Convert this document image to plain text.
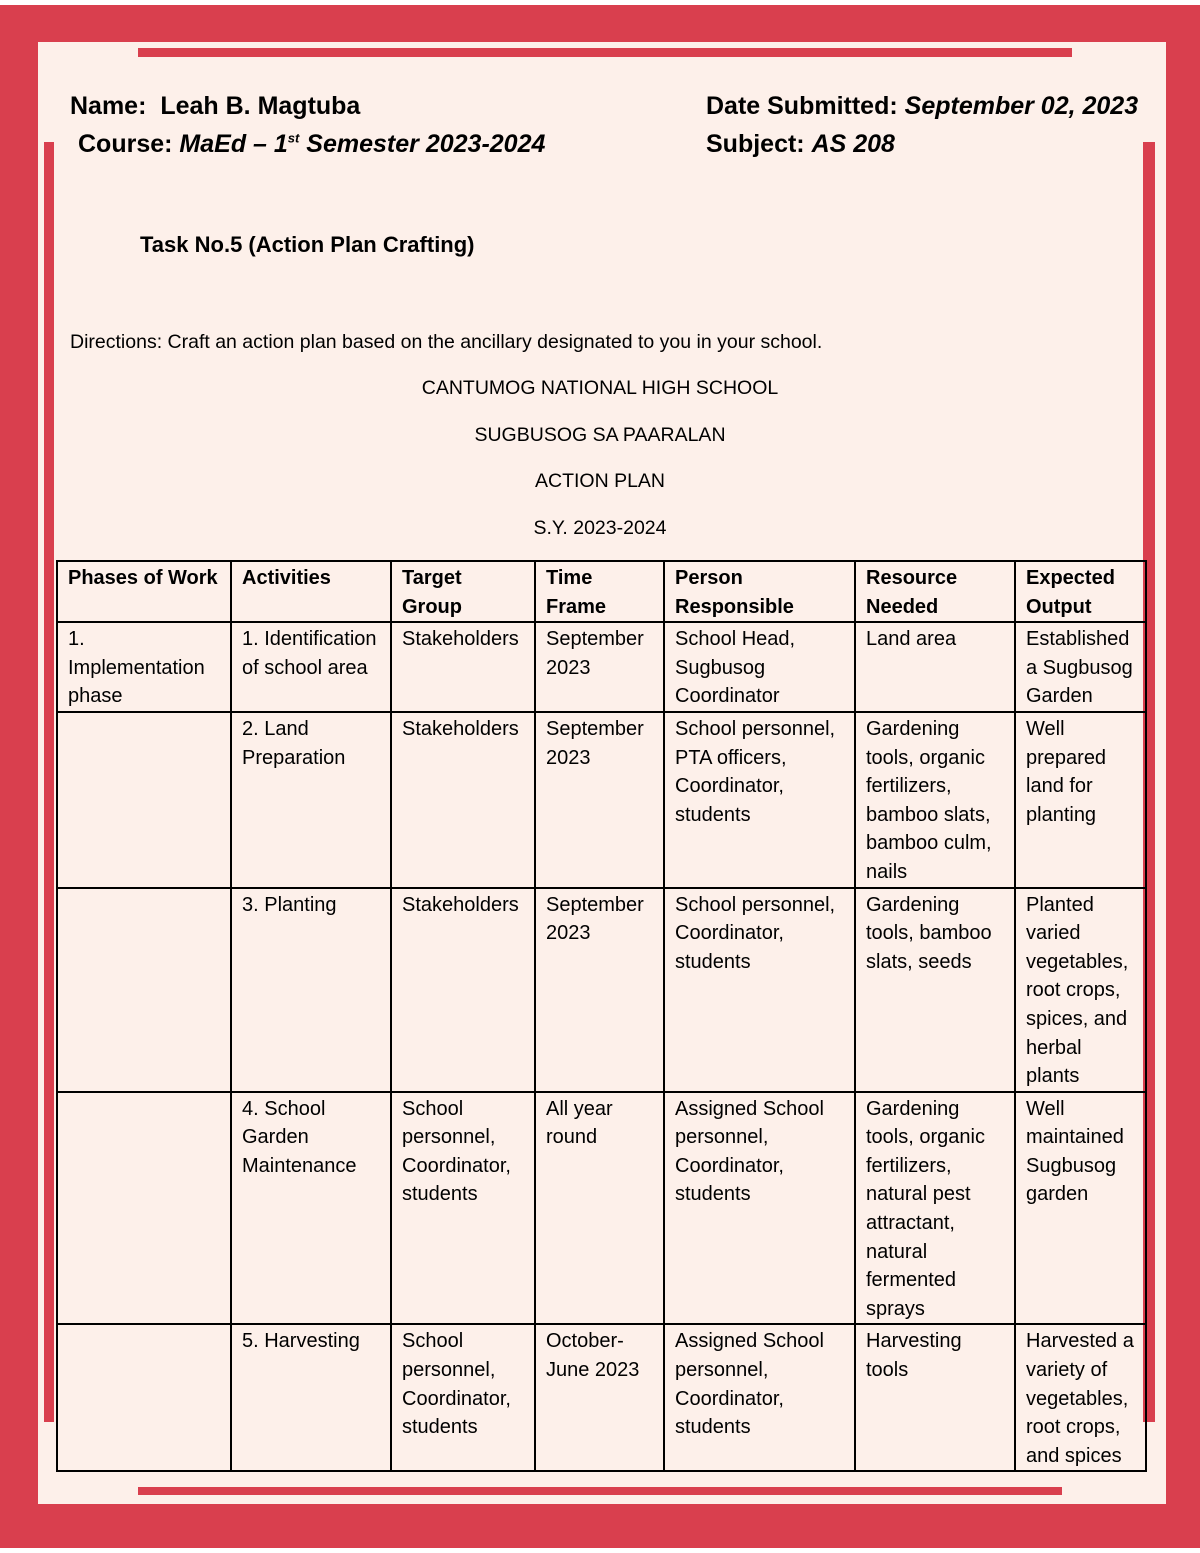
Name: Leah B. Magtuba
Course: MaEd – 1st Semester 2023-2024
Date Submitted: September 02, 2023
Subject: AS 208
Task No.5 (Action Plan Crafting)
Directions: Craft an action plan based on the ancillary designated to you in your school.
CANTUMOG NATIONAL HIGH SCHOOL
SUGBUSOG SA PAARALAN
ACTION PLAN
S.Y. 2023-2024
Phases of Work	Activities	Target Group	Time Frame	Person Responsible	Resource Needed	Expected Output
1. Implementation phase	1. Identification of school area	Stakeholders	September 2023	School Head, Sugbusog Coordinator	Land area	Established a Sugbusog Garden
	2. Land Preparation	Stakeholders	September 2023	School personnel, PTA officers, Coordinator, students	Gardening tools, organic fertilizers, bamboo slats, bamboo culm, nails	Well prepared land for planting
	3. Planting	Stakeholders	September 2023	School personnel, Coordinator, students	Gardening tools, bamboo slats, seeds	Planted varied vegetables, root crops, spices, and herbal plants
	4. School Garden Maintenance	School personnel, Coordinator, students	All year round	Assigned School personnel, Coordinator, students	Gardening tools, organic fertilizers, natural pest attractant, natural fermented sprays	Well maintained Sugbusog garden
	5. Harvesting	School personnel, Coordinator, students	October-June 2023	Assigned School personnel, Coordinator, students	Harvesting tools	Harvested a variety of vegetables, root crops, and spices
